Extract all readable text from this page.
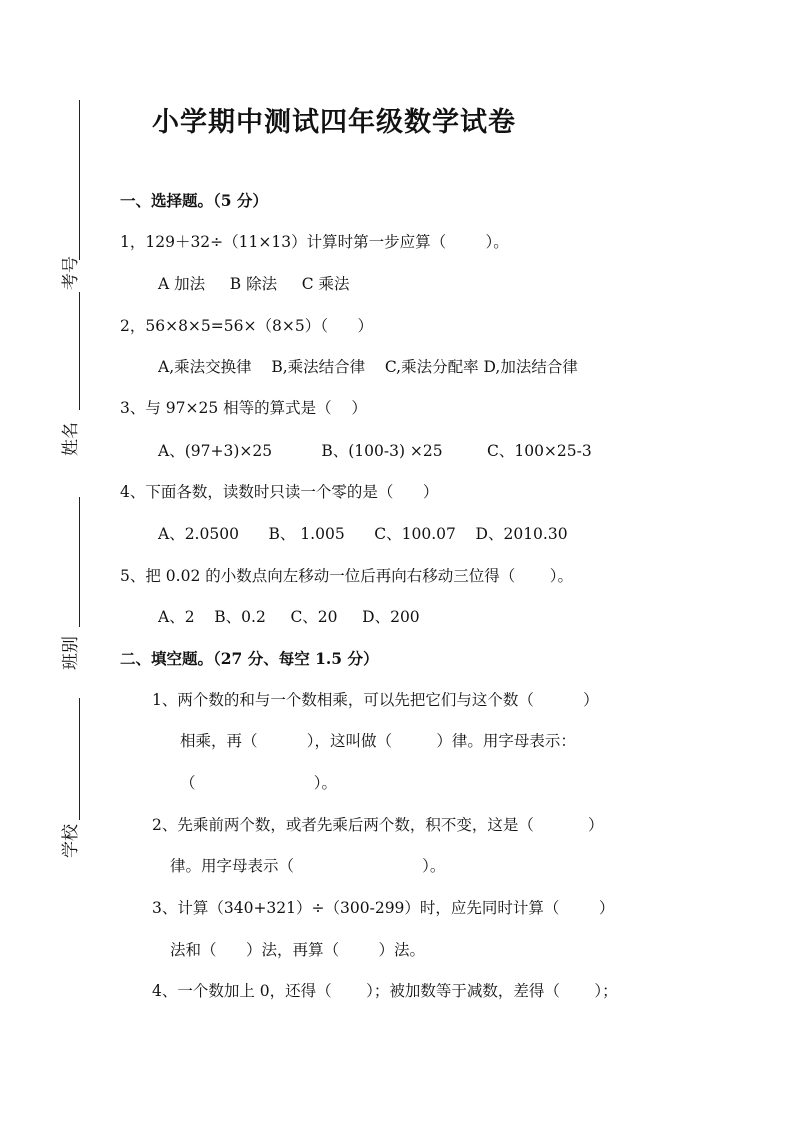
考号
姓名
班别
学校
小学期中测试四年级数学试卷
一、选择题。（5 分）
1，129＋32÷（11×13）计算时第一步应算（        ）。
A 加法     B 除法     C 乘法
2，56×8×5=56×（8×5）（      ）
A,乘法交换律    B,乘法结合律    C,乘法分配率 D,加法结合律
3、与 97×25 相等的算式是（    ）
A、(97+3)×25          B、(100-3) ×25         C、100×25-3
4、下面各数，读数时只读一个零的是（      ）
A、2.0500      B、 1.005      C、100.07    D、2010.30
5、把 0.02 的小数点向左移动一位后再向右移动三位得（       ）。
A、2    B、0.2     C、20     D、200
二、填空题。（27 分、每空 1.5 分）
1、两个数的和与一个数相乘，可以先把它们与这个数（          ）
相乘，再（          ），这叫做（         ）律。用字母表示：
（                        ）。
2、先乘前两个数，或者先乘后两个数，积不变，这是（           ）
律。用字母表示（                          ）。
3、计算（340+321）÷（300-299）时，应先同时计算（        ）
法和（      ）法，再算（        ）法。
4、一个数加上 0，还得（       ）；被加数等于减数，差得（       ）；
